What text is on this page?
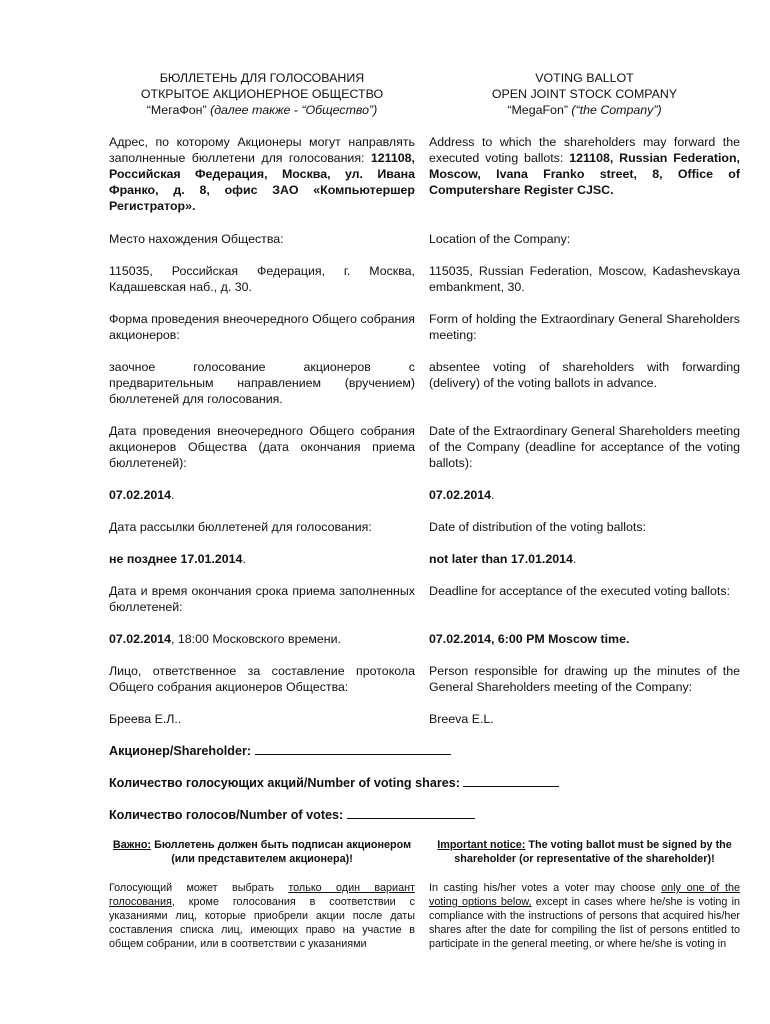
БЮЛЛЕТЕНЬ ДЛЯ ГОЛОСОВАНИЯ
ОТКРЫТОЕ АКЦИОНЕРНОЕ ОБЩЕСТВО
“МегаФон” (далее также - “Общество”)
VOTING BALLOT
OPEN JOINT STOCK COMPANY
“MegaFon” (“the Company”)
Адрес, по которому Акционеры могут направлять заполненные бюллетени для голосования: 121108, Российская Федерация, Москва, ул. Ивана Франко, д. 8, офис ЗАО «Компьютершер Регистратор».
Address to which the shareholders may forward the executed voting ballots: 121108, Russian Federation, Moscow, Ivana Franko street, 8, Office of Computershare Register CJSC.
Место нахождения Общества:	Location of the Company:
115035, Российская Федерация, г. Москва, Кадашевская наб., д. 30.
115035, Russian Federation, Moscow, Kadashevskaya embankment, 30.
Форма проведения внеочередного Общего собрания акционеров:
Form of holding the Extraordinary General Shareholders meeting:
заочное голосование акционеров с предварительным направлением (вручением) бюллетеней для голосования.
absentee voting of shareholders with forwarding (delivery) of the voting ballots in advance.
Дата проведения внеочередного Общего собрания акционеров Общества (дата окончания приема бюллетеней):
Date of the Extraordinary General Shareholders meeting of the Company (deadline for acceptance of the voting ballots):
07.02.2014.	07.02.2014.
Дата рассылки бюллетеней для голосования:	Date of distribution of the voting ballots:
не позднее 17.01.2014.	not later than 17.01.2014.
Дата и время окончания срока приема заполненных бюллетеней:
Deadline for acceptance of the executed voting ballots:
07.02.2014, 18:00 Московского времени.	07.02.2014, 6:00 PM Moscow time.
Лицо, ответственное за составление протокола Общего собрания акционеров Общества:
Person responsible for drawing up the minutes of the General Shareholders meeting of the Company:
Бреева Е.Л..	Breeva E.L.
Акционер/Shareholder:
Количество голосующих акций/Number of voting shares:
Количество голосов/Number of votes:
Важно: Бюллетень должен быть подписан акционером (или представителем акционера)!
Important notice: The voting ballot must be signed by the shareholder (or representative of the shareholder)!
Голосующий может выбрать только один вариант голосования, кроме голосования в соответствии с указаниями лиц, которые приобрели акции после даты составления списка лиц, имеющих право на участие в общем собрании, или в соответствии с указаниями
In casting his/her votes a voter may choose only one of the voting options below, except in cases where he/she is voting in compliance with the instructions of persons that acquired his/her shares after the date for compiling the list of persons entitled to participate in the general meeting, or where he/she is voting in
